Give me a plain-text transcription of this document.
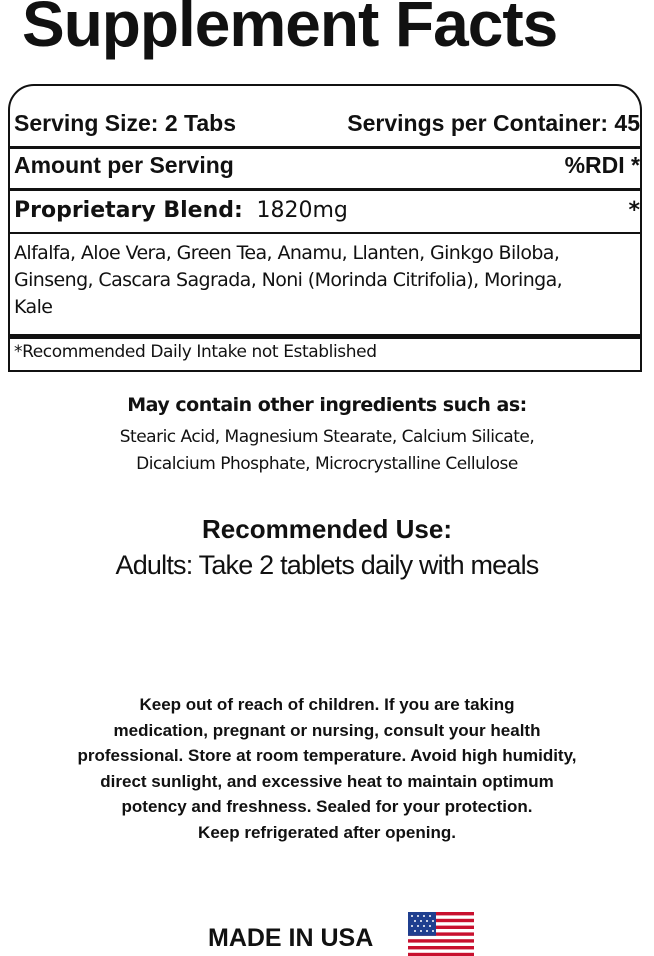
Supplement Facts
Serving Size: 2 Tabs	Servings per Container: 45
Amount per Serving	%RDI *
Proprietary Blend: 1820mg	*
Alfalfa, Aloe Vera, Green Tea, Anamu, Llanten, Ginkgo Biloba,
Ginseng, Cascara Sagrada, Noni (Morinda Citrifolia), Moringa,
Kale
*Recommended Daily Intake not Established
May contain other ingredients such as:
Stearic Acid, Magnesium Stearate, Calcium Silicate,
Dicalcium Phosphate, Microcrystalline Cellulose
Recommended Use:
Adults: Take 2 tablets daily with meals
Keep out of reach of children. If you are taking
medication, pregnant or nursing, consult your health
professional. Store at room temperature. Avoid high humidity,
direct sunlight, and excessive heat to maintain optimum
potency and freshness. Sealed for your protection.
Keep refrigerated after opening.
MADE IN USA
